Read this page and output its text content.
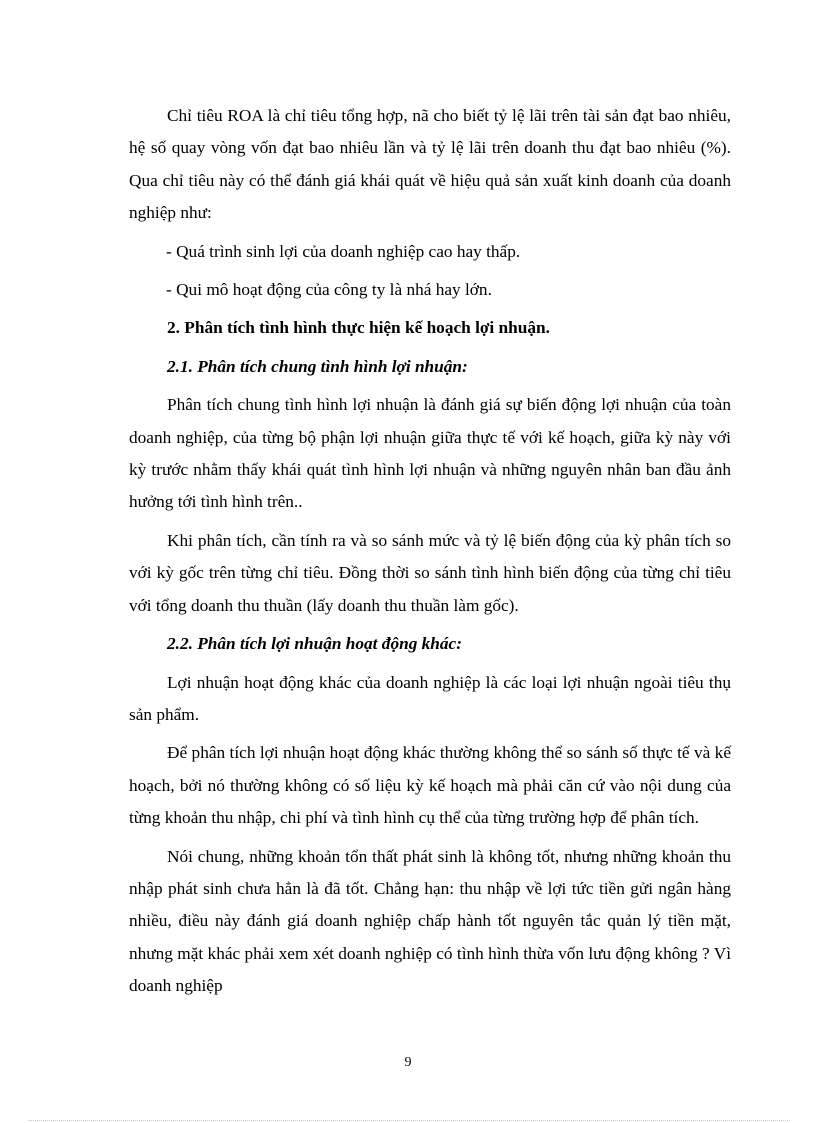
Chỉ tiêu ROA là chỉ tiêu tổng hợp, nã cho biết tỷ lệ lãi trên tài sản đạt bao nhiêu, hệ số quay vòng vốn đạt bao nhiêu lần và tỷ lệ lãi trên doanh thu đạt bao nhiêu (%). Qua chỉ tiêu này có thể đánh giá khái quát về hiệu quả sản xuất kinh doanh của doanh nghiệp như:

- Quá trình sinh lợi của doanh nghiệp cao hay thấp.

- Qui mô hoạt động của công ty là nhá hay lớn.

2. Phân tích tình hình thực hiện kế hoạch lợi nhuận.

2.1. Phân tích chung tình hình lợi nhuận:

Phân tích chung tình hình lợi nhuận là đánh giá sự biến động lợi nhuận của toàn doanh nghiệp, của từng bộ phận lợi nhuận giữa thực tế với kế hoạch, giữa kỳ này với kỳ trước nhằm thấy khái quát tình hình lợi nhuận và những nguyên nhân ban đầu ảnh hưởng tới tình hình trên..

Khi phân tích, cần tính ra và so sánh mức và tỷ lệ biến động của kỳ phân tích so với kỳ gốc trên từng chỉ tiêu. Đồng thời so sánh tình hình biến động của từng chỉ tiêu với tổng doanh thu thuần (lấy doanh thu thuần làm gốc).

2.2. Phân tích lợi nhuận hoạt động khác:

Lợi nhuận hoạt động khác của doanh nghiệp là các loại lợi nhuận ngoài tiêu thụ sản phẩm.

Để phân tích lợi nhuận hoạt động khác thường không thể so sánh số thực tế và kế hoạch, bởi nó thường không có số liệu kỳ kế hoạch mà phải căn cứ vào nội dung của từng khoản thu nhập, chi phí và tình hình cụ thể của từng trường hợp để phân tích.

Nói chung, những khoản tổn thất phát sinh là không tốt, nhưng những khoản thu nhập phát sinh chưa hẳn là đã tốt. Chẳng hạn: thu nhập về lợi tức tiền gửi ngân hàng nhiều, điều này đánh giá doanh nghiệp chấp hành tốt nguyên tắc quản lý tiền mặt, nhưng mặt khác phải xem xét doanh nghiệp có tình hình thừa vốn lưu động không ? Vì doanh nghiệp

9
